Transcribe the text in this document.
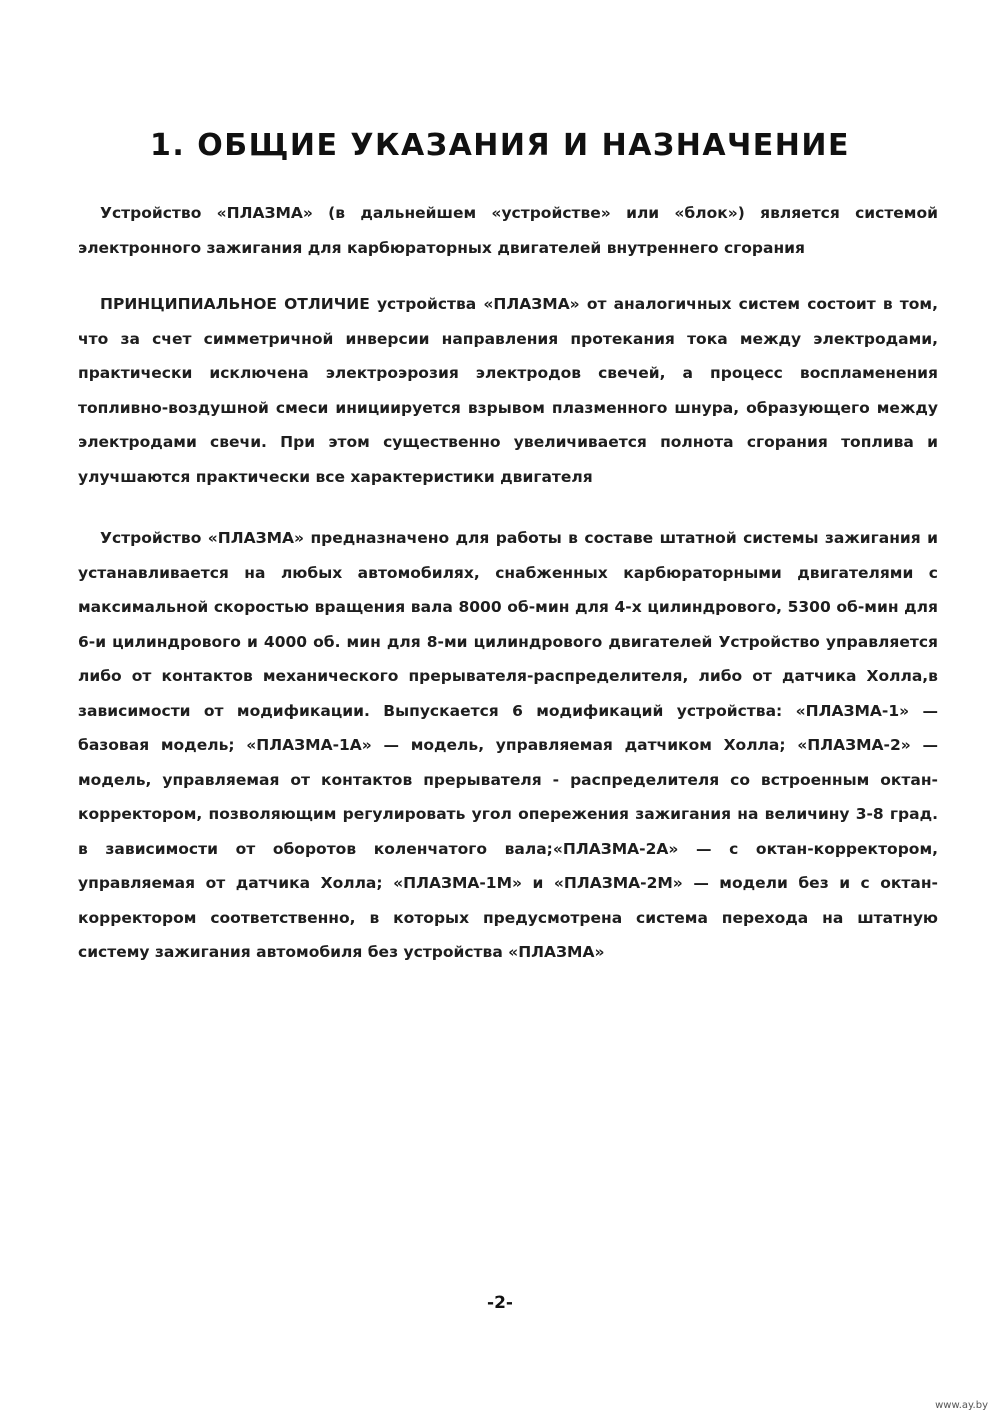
1. ОБЩИЕ УКАЗАНИЯ И НАЗНАЧЕНИЕ

Устройство «ПЛАЗМА» (в дальнейшем «устройстве» или «блок») является системой электронного зажигания для карбюраторных двигателей внутреннего сгорания

ПРИНЦИПИАЛЬНОЕ ОТЛИЧИЕ устройства «ПЛАЗМА» от аналогичных систем состоит в том, что за счет симметричной инверсии направления протекания тока между электродами, практически исключена электроэрозия электродов свечей, а процесс воспламенения топливно-воздушной смеси инициируется взрывом плазменного шнура, образующего между электродами свечи. При этом существенно увеличивается полнота сгорания топлива и улучшаются практически все характеристики двигателя

Устройство «ПЛАЗМА» предназначено для работы в составе штатной системы зажигания и устанавливается на любых автомобилях, снабженных карбюраторными двигателями с максимальной скоростью вращения вала 8000 об-мин для 4-х цилиндрового, 5300 об-мин для 6-и цилиндрового и 4000 об. мин для 8-ми цилиндрового двигателей Устройство управляется либо от контактов механического прерывателя-распределителя, либо от датчика Холла,в зависимости от модификации. Выпускается 6 модификаций устройства: «ПЛАЗМА-1» — базовая модель; «ПЛАЗМА-1А» — модель, управляемая датчиком Холла; «ПЛАЗМА-2» — модель, управляемая от контактов прерывателя - распределителя со встроенным октан-корректором, позволяющим регулировать угол опережения зажигания на величину 3-8 град. в зависимости от оборотов коленчатого вала;«ПЛАЗМА-2А» — с октан-корректором, управляемая от датчика Холла; «ПЛАЗМА-1М» и «ПЛАЗМА-2М» — модели без и с октан-корректором соответственно, в которых предусмотрена система перехода на штатную систему зажигания автомобиля без устройства «ПЛАЗМА»

-2-
www.ay.by
